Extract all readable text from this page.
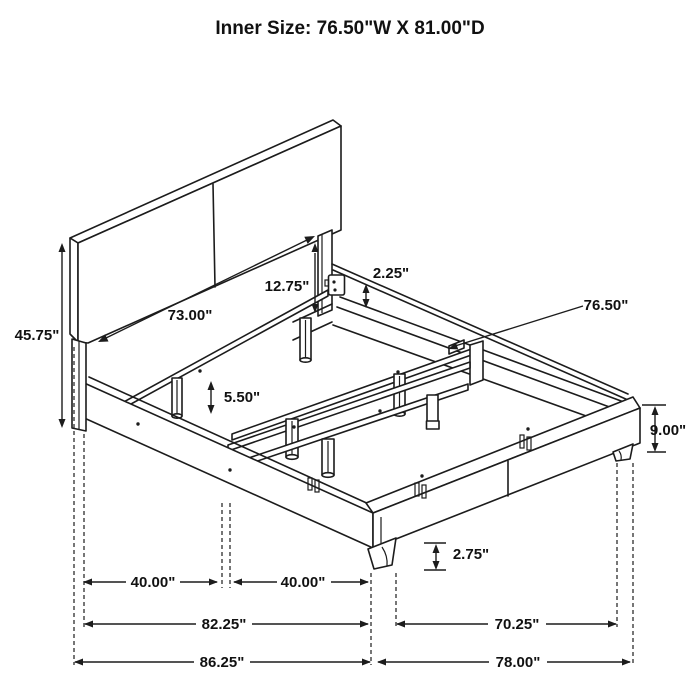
Inner Size: 76.50"W X 81.00"D
45.75"
73.00"
12.75"
2.25"
76.50"
5.50"
9.00"
2.75"
40.00"	40.00"
82.25"	70.25"
86.25"	78.00"
